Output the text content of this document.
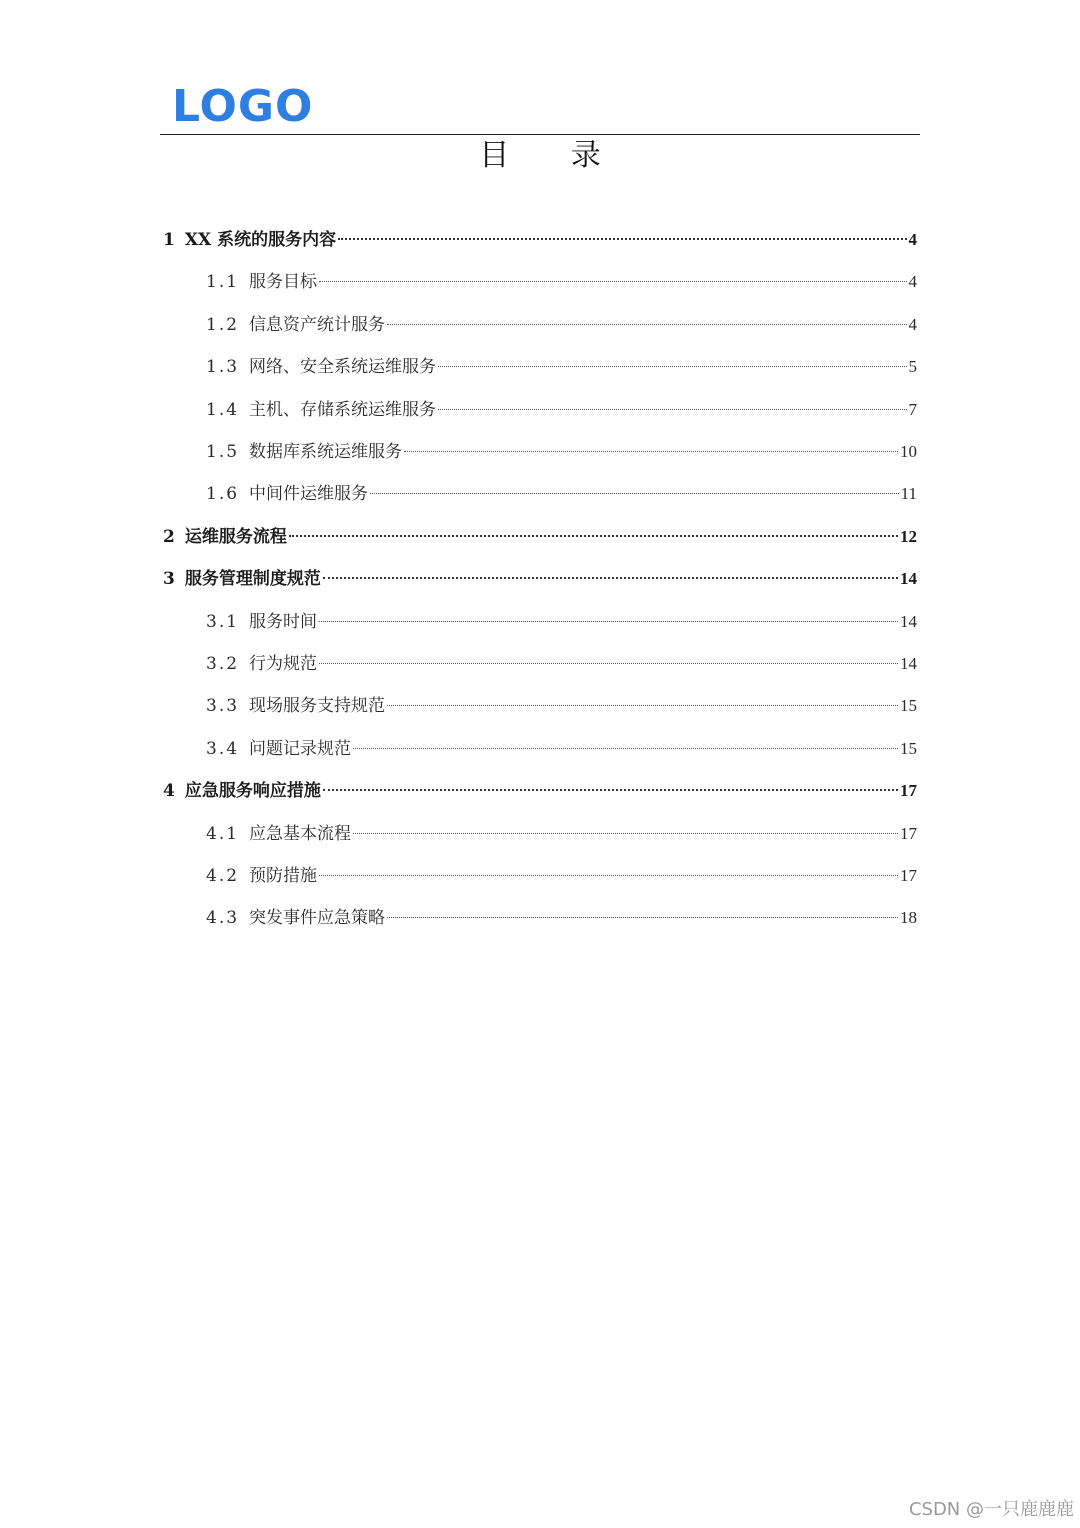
LOGO
目 录
1 XX 系统的服务内容	4
1.1 服务目标	4
1.2 信息资产统计服务	4
1.3 网络、安全系统运维服务	5
1.4 主机、存储系统运维服务	7
1.5 数据库系统运维服务	10
1.6 中间件运维服务	11
2 运维服务流程	12
3 服务管理制度规范	14
3.1 服务时间	14
3.2 行为规范	14
3.3 现场服务支持规范	15
3.4 问题记录规范	15
4 应急服务响应措施	17
4.1 应急基本流程	17
4.2 预防措施	17
4.3 突发事件应急策略	18
CSDN @一只鹿鹿鹿
